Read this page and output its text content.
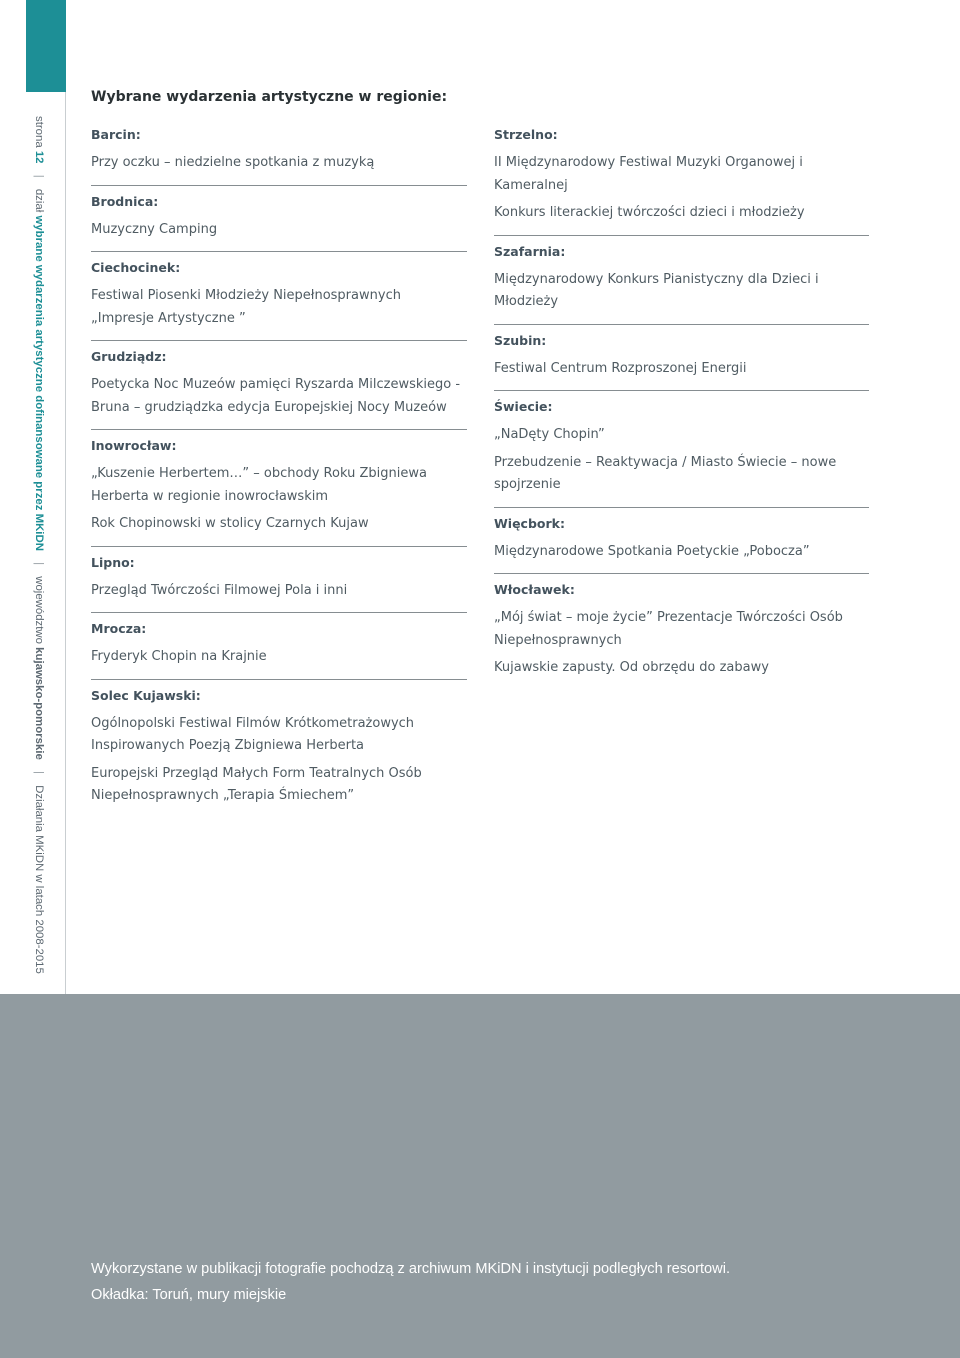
strona 12 | dział wybrane wydarzenia artystyczne dofinansowane przez MKiDN | województwo kujawsko-pomorskie | Działania MKiDN w latach 2008-2015
Wybrane wydarzenia artystyczne w regionie:
Barcin:
Przy oczku – niedzielne spotkania z muzyką
Brodnica:
Muzyczny Camping
Ciechocinek:
Festiwal Piosenki Młodzieży Niepełnosprawnych „Impresje Artystyczne ”
Grudziądz:
Poetycka Noc Muzeów pamięci Ryszarda Milczewskiego -Bruna – grudziądzka edycja Europejskiej Nocy Muzeów
Inowrocław:
„Kuszenie Herbertem…” – obchody Roku Zbigniewa Herberta w regionie inowrocławskim
Rok Chopinowski w stolicy Czarnych Kujaw
Lipno:
Przegląd Twórczości Filmowej Pola i inni
Mrocza:
Fryderyk Chopin na Krajnie
Solec Kujawski:
Ogólnopolski Festiwal Filmów Krótkometrażowych Inspirowanych Poezją Zbigniewa Herberta
Europejski Przegląd Małych Form Teatralnych Osób Niepełnosprawnych „Terapia Śmiechem”
Strzelno:
II Międzynarodowy Festiwal Muzyki Organowej i Kameralnej
Konkurs literackiej twórczości dzieci i młodzieży
Szafarnia:
Międzynarodowy Konkurs Pianistyczny dla Dzieci i Młodzieży
Szubin:
Festiwal Centrum Rozproszonej Energii
Świecie:
„NaDęty Chopin”
Przebudzenie – Reaktywacja / Miasto Świecie – nowe spojrzenie
Więcbork:
Międzynarodowe Spotkania Poetyckie „Pobocza”
Włocławek:
„Mój świat – moje życie” Prezentacje Twórczości Osób Niepełnosprawnych
Kujawskie zapusty. Od obrzędu do zabawy

Wykorzystane w publikacji fotografie pochodzą z archiwum MKiDN i instytucji podległych resortowi.

Okładka: Toruń, mury miejskie
